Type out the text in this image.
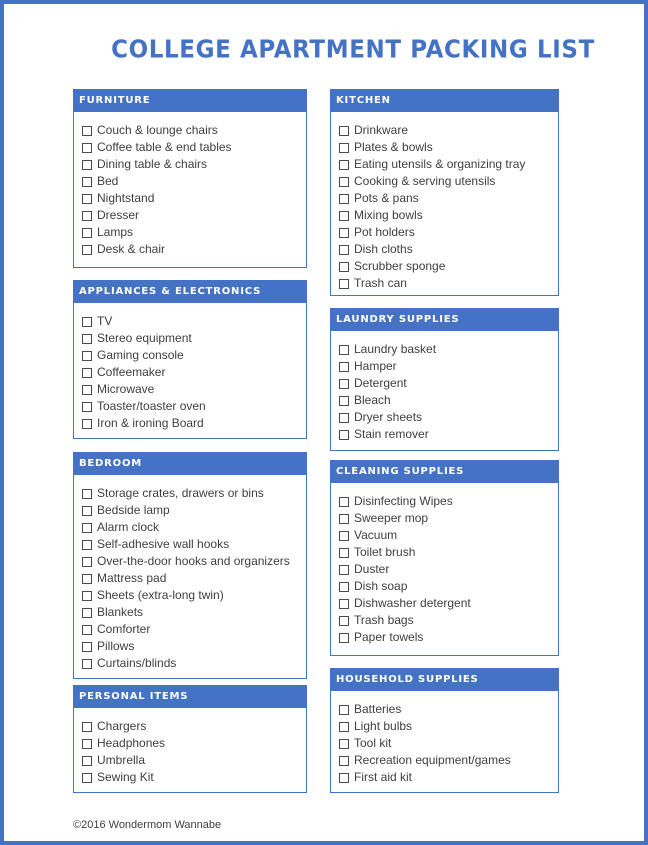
COLLEGE APARTMENT PACKING LIST
FURNITURE
Couch & lounge chairs
Coffee table & end tables
Dining table & chairs
Bed
Nightstand
Dresser
Lamps
Desk & chair
APPLIANCES & ELECTRONICS
TV
Stereo equipment
Gaming console
Coffeemaker
Microwave
Toaster/toaster oven
Iron & ironing Board
BEDROOM
Storage crates, drawers or bins
Bedside lamp
Alarm clock
Self-adhesive wall hooks
Over-the-door hooks and organizers
Mattress pad
Sheets (extra-long twin)
Blankets
Comforter
Pillows
Curtains/blinds
PERSONAL ITEMS
Chargers
Headphones
Umbrella
Sewing Kit
KITCHEN
Drinkware
Plates & bowls
Eating utensils & organizing tray
Cooking & serving utensils
Pots & pans
Mixing bowls
Pot holders
Dish cloths
Scrubber sponge
Trash can
LAUNDRY SUPPLIES
Laundry basket
Hamper
Detergent
Bleach
Dryer sheets
Stain remover
CLEANING SUPPLIES
Disinfecting Wipes
Sweeper mop
Vacuum
Toilet brush
Duster
Dish soap
Dishwasher detergent
Trash bags
Paper towels
HOUSEHOLD SUPPLIES
Batteries
Light bulbs
Tool kit
Recreation equipment/games
First aid kit
©2016 Wondermom Wannabe
